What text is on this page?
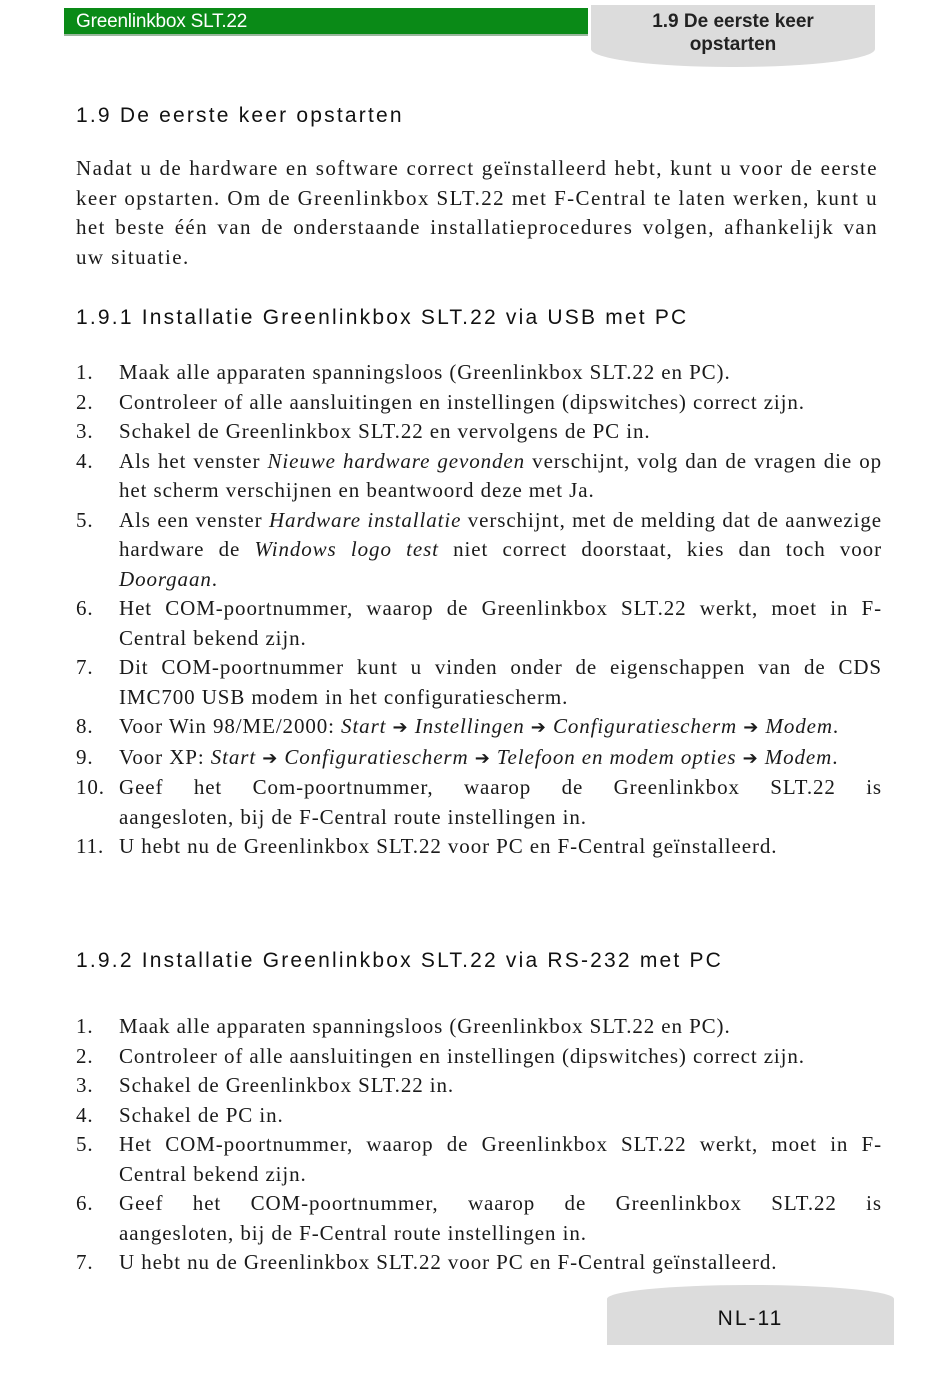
Greenlinkbox SLT.22	1.9 De eerste keer
opstarten
1.9 De eerste keer opstarten

Nadat u de hardware en software correct geïnstalleerd hebt, kunt u voor de eerste keer opstarten. Om de Greenlinkbox SLT.22 met F-Central te laten werken, kunt u het beste één van de onderstaande installatieprocedures volgen, afhankelijk van uw situatie.

1.9.1 Installatie Greenlinkbox SLT.22 via USB met PC
1. Maak alle apparaten spanningsloos (Greenlinkbox SLT.22 en PC).
2. Controleer of alle aansluitingen en instellingen (dipswitches) correct zijn.
3. Schakel de Greenlinkbox SLT.22 en vervolgens de PC in.
4. Als het venster Nieuwe hardware gevonden verschijnt, volg dan de vragen die op het scherm verschijnen en beantwoord deze met Ja.
5. Als een venster Hardware installatie verschijnt, met de melding dat de aanwezige hardware de Windows logo test niet correct doorstaat, kies dan toch voor Doorgaan.
6. Het COM-poortnummer, waarop de Greenlinkbox SLT.22 werkt, moet in F-Central bekend zijn.
7. Dit COM-poortnummer kunt u vinden onder de eigenschappen van de CDS IMC700 USB modem in het configuratiescherm.
8. Voor Win 98/ME/2000: Start ➔ Instellingen ➔ Configuratiescherm ➔ Modem.
9. Voor XP: Start ➔ Configuratiescherm ➔ Telefoon en modem opties ➔ Modem.
10. Geef het Com-poortnummer, waarop de Greenlinkbox SLT.22 is
aangesloten, bij de F-Central route instellingen in.
11. U hebt nu de Greenlinkbox SLT.22 voor PC en F-Central geïnstalleerd.
1.9.2 Installatie Greenlinkbox SLT.22 via RS-232 met PC
1. Maak alle apparaten spanningsloos (Greenlinkbox SLT.22 en PC).
2. Controleer of alle aansluitingen en instellingen (dipswitches) correct zijn.
3. Schakel de Greenlinkbox SLT.22 in.
4. Schakel de PC in.
5. Het COM-poortnummer, waarop de Greenlinkbox SLT.22 werkt, moet in F-Central bekend zijn.
6. Geef het COM-poortnummer, waarop de Greenlinkbox SLT.22 is
aangesloten, bij de F-Central route instellingen in.
7. U hebt nu de Greenlinkbox SLT.22 voor PC en F-Central geïnstalleerd.
NL-11
